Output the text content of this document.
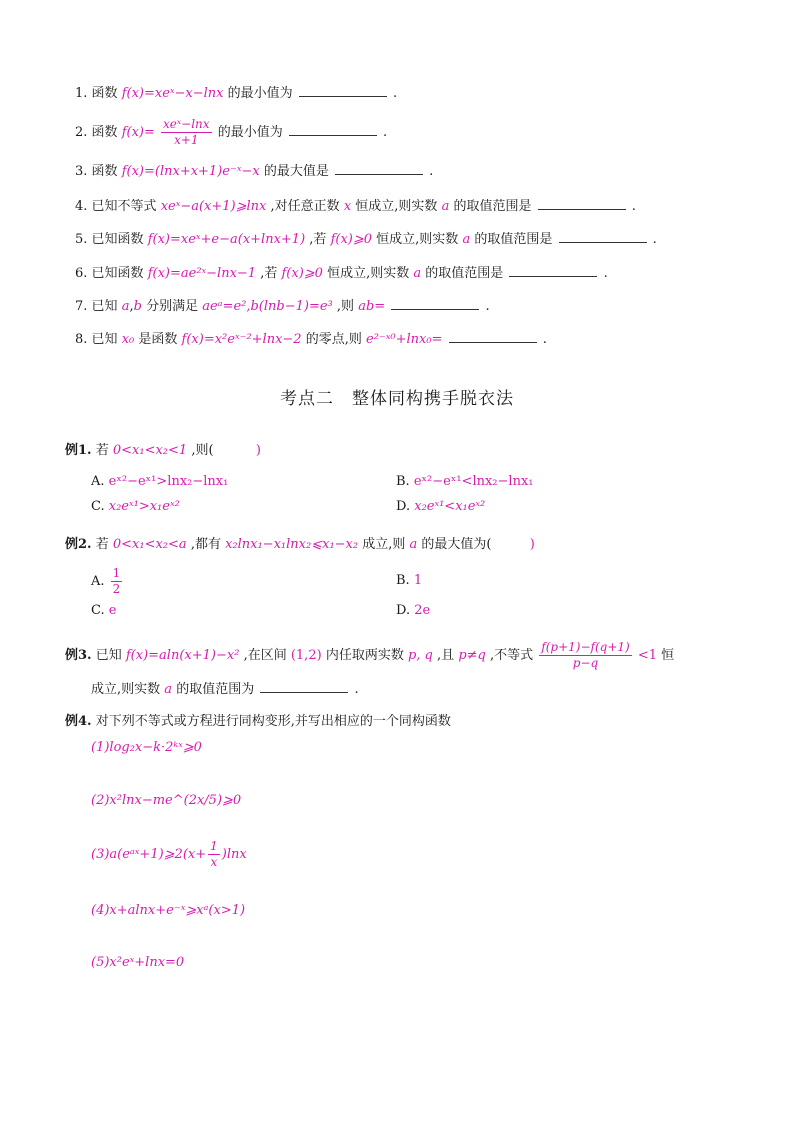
1. 函数 f(x)=xeˣ−x−lnx 的最小值为	.
2. 函数 $f(x)= \frac{\text{xeˣ−lnx}}{x+1}$ 的最小值为	.
3. 函数 f(x)=(lnx+x+1)e⁻ˣ−x 的最大值是	.
4. 已知不等式 xeˣ−a(x+1)⩾lnx ,对任意正数 x 恒成立,则实数 a 的取值范围是	.
5. 已知函数 f(x)=xeˣ+e−a(x+lnx+1) ,若 f(x)⩾0 恒成立,则实数 a 的取值范围是	.
6. 已知函数 f(x)=ae²ˣ−lnx−1 ,若 f(x)⩾0 恒成立,则实数 a 的取值范围是	.
7. 已知 a,b 分别满足 aeᵃ=e²,b(lnb−1)=e³ ,则 ab=	.
8. 已知 x₀ 是函数 f(x)=x²eˣ⁻²+lnx−2 的零点,则 e²⁻ˣ⁰+lnx₀=	.
考点二　整体同构携手脱衣法
例1. 若 0<x₁<x₂<1 ,则(	)
A. eˣ²−eˣ¹>lnx₂−lnx₁	B. eˣ²−eˣ¹<lnx₂−lnx₁
C. x₂eˣ¹>x₁eˣ²	D. x₂eˣ¹<x₁eˣ²
例2. 若 0<x₁<x₂<a ,都有 x₂lnx₁−x₁lnx₂⩽x₁−x₂ 成立,则 a 的最大值为(	)
A. $\frac{1}{2}$	B. 1
C. e	D. 2e
例3. 已知 f(x)=aln(x+1)−x² ,在区间 (1,2) 内任取两实数 p, q ,且 p≠q ,不等式 $\frac{f(p+1)-f(q+1)}{p-q} <1$ 恒
成立,则实数 a 的取值范围为	.
例4. 对下列不等式或方程进行同构变形,并写出相应的一个同构函数
(1)log₂x−k·2ᵏˣ⩾0
(2)x²lnx−me^(2x/5)⩾0
(3)a(eᵃˣ+1)⩾2(x+ $\frac{1}{x} )\ln x$
(4)x+alnx+e⁻ˣ⩾xᵃ(x>1)
(5)x²eˣ+lnx=0
